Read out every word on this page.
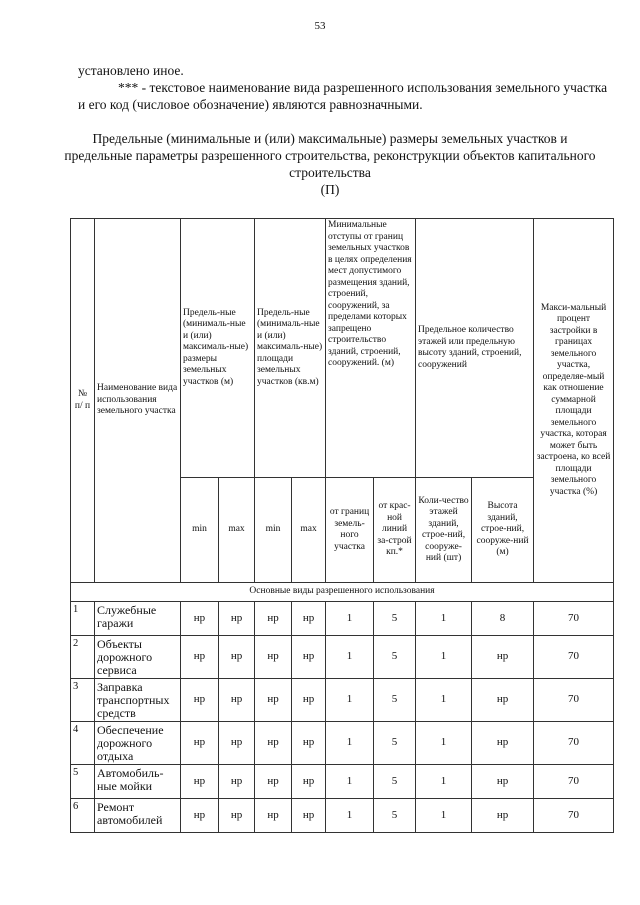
53

установлено иное.

*** - текстовое наименование вида разрешенного использования земельного участка и его код (числовое обозначение) являются равнозначными.

Предельные (минимальные и (или) максимальные) размеры земельных участков и предельные параметры разрешенного строительства, реконструкции объектов капитального строительства

(П)

№ п/ п	Наименование вида использования земельного участка	Предель-ные (минималь-ные и (или) максималь-ные) размеры земельных участков (м)		Предель-ные (минималь-ные и (или) максималь-ные) площади земельных участков (кв.м)		Минимальные отступы от границ земельных участков в целях определения мест допустимого размещения зданий, строений, сооружений, за пределами которых запрещено строительство зданий, строений, сооружений. (м)		Предельное количество этажей или предельную высоту зданий, строений, сооружений		Макси-мальный процент застройки в границах земельного участка, определяе-мый как отношение суммарной площади земельного участка, которая может быть застроена, ко всей площади земельного участка (%)
		min	max	min	max	от границ земель-ного участка	от крас-ной линий за-строй кп.*	Коли-чество этажей зданий, строе-ний, сооруже-ний (шт)	Высота зданий, строе-ний, сооруже-ний (м)	
Основные виды разрешенного использования										
1	Служебные гаражи	нр	нр	нр	нр	1	5	1	8	70
2	Объекты дорожного сервиса	нр	нр	нр	нр	1	5	1	нр	70
3	Заправка транспортных средств	нр	нр	нр	нр	1	5	1	нр	70
4	Обеспечение дорожного отдыха	нр	нр	нр	нр	1	5	1	нр	70
5	Автомобиль-ные мойки	нр	нр	нр	нр	1	5	1	нр	70
6	Ремонт автомобилей	нр	нр	нр	нр	1	5	1	нр	70
